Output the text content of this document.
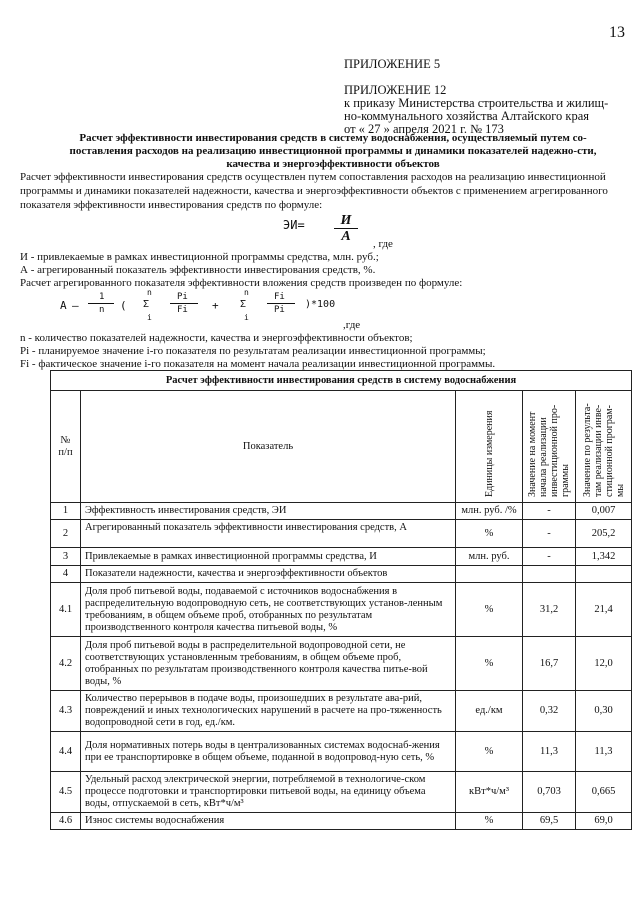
13
ПРИЛОЖЕНИЕ 5
ПРИЛОЖЕНИЕ 12
к приказу Министерства строительства и жилищ-
но-коммунального хозяйства Алтайского края
от « 27 » апреля 2021 г. № 173
Расчет эффективности инвестирования средств в систему водоснабжения, осуществляемый путем со-поставления расходов на реализацию инвестиционной программы и динамики показателей надежно-сти, качества и энергоэффективности объектов
Расчет эффективности инвестирования средств осуществлен путем сопоставления расходов на реализацию инвестиционной программы и динамики показателей надежности, качества и энергоэффективности объектов с применением агрегированного показателя эффективности инвестирования средств по формуле:
ЭИ=	И
А	, где
И - привлекаемые в рамках инвестиционной программы средства, млн. руб.;
А - агрегированный показатель эффективности инвестирования средств, %.
Расчет агрегированного показателя эффективности вложения средств произведен по формуле:
А –
1
n (
n
Σ
i
Pi
Fi +
n
Σ
i
Fi
Pi )*100
,где
n - количество показателей надежности, качества и энергоэффективности объектов;
Pi - планируемое значение i-го показателя по результатам реализации инвестиционной программы;
Fi - фактическое значение i-го показателя на момент начала реализации инвестиционной программы.
Расчет эффективности инвестирования средств в систему водоснабжения				
№ п/п	Показатель	Единицы измерения	Значение на момент начала реализации инвестиционной про-граммы	Значение по результа-там реализации инве-стиционной програм-мы

1	Эффективность инвестирования средств, ЭИ	млн. руб. /%	-	0,007
2	Агрегированный показатель эффективности инвестирования средств, А	%	-	205,2
3	Привлекаемые в рамках инвестиционной программы средства, И	млн. руб.	-	1,342
4	Показатели надежности, качества и энергоэффективности объектов			
4.1	Доля проб питьевой воды, подаваемой с источников водоснабжения в распределительную водопроводную сеть, не соответствующих установ-ленным требованиям, в общем объеме проб, отобранных по результатам производственного контроля качества питьевой воды, %	%	31,2	21,4
4.2	Доля проб питьевой воды в распределительной водопроводной сети, не соответствующих установленным требованиям, в общем объеме проб, отобранных по результатам производственного контроля качества питье-вой воды, %	%	16,7	12,0
4.3	Количество перерывов в подаче воды, произошедших в результате ава-рий, повреждений и иных технологических нарушений в расчете на про-тяженность водопроводной сети в год, ед./км.	ед./км	0,32	0,30
4.4	Доля нормативных потерь воды в централизованных системах водоснаб-жения при ее транспортировке в общем объеме, поданной в водопровод-ную сеть, %	%	11,3	11,3
4.5	Удельный расход электрической энергии, потребляемой в технологиче-ском процессе подготовки и транспортировки питьевой воды, на единицу объема воды, отпускаемой в сеть, кВт*ч/м³	кВт*ч/м³	0,703	0,665
4.6	Износ системы водоснабжения	%	69,5	69,0
